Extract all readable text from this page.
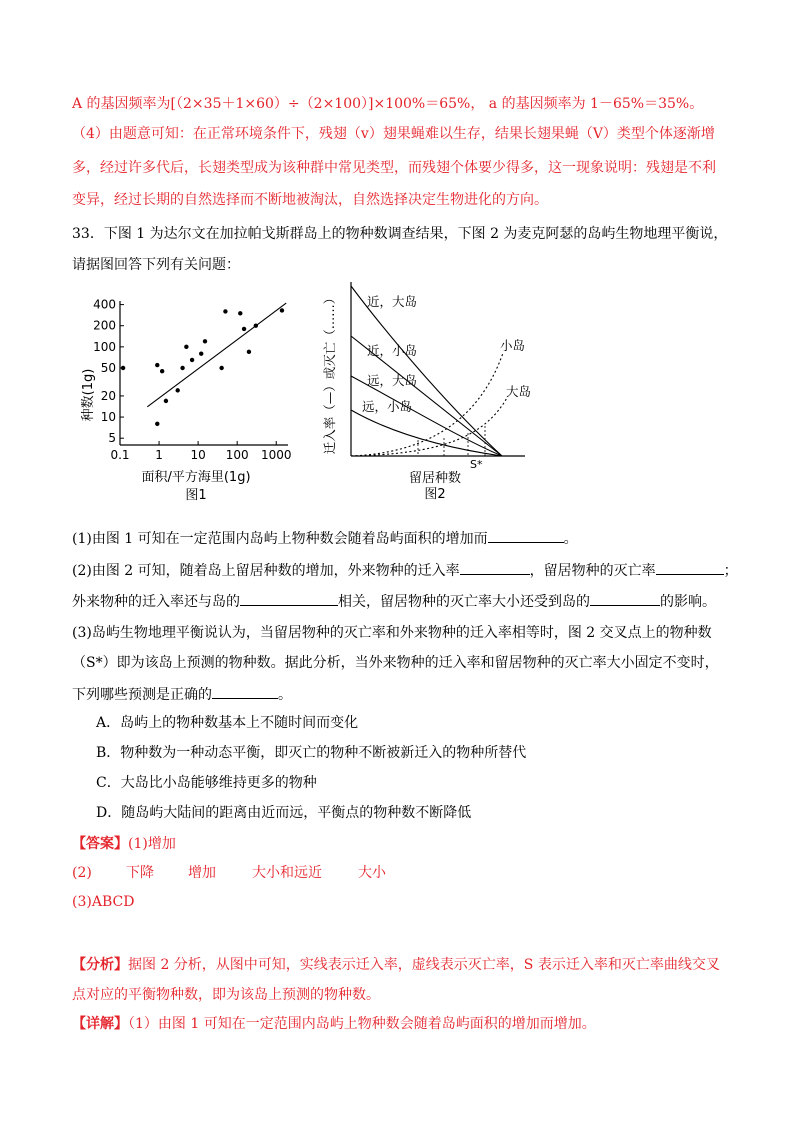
A 的基因频率为[（2×35＋1×60）÷（2×100）]×100%＝65%， a 的基因频率为 1－65%＝35%。
（4）由题意可知：在正常环境条件下，残翅（v）翅果蝇难以生存，结果长翅果蝇（V）类型个体逐渐增
多，经过许多代后，长翅类型成为该种群中常见类型，而残翅个体要少得多，这一现象说明：残翅是不利
变异，经过长期的自然选择而不断地被淘汰，自然选择决定生物进化的方向。
33．下图 1 为达尔文在加拉帕戈斯群岛上的物种数调查结果，下图 2 为麦克阿瑟的岛屿生物地理平衡说，
请据图回答下列有关问题：
400
200
100
50
20
10
5
0.1 1 10 100 1000
种数(1g)
面积/平方海里(1g)
图1
迁入率（—）或灭亡（……） 近，大岛
近，小岛
远，大岛
远，小岛
小岛
大岛
S*
留居种数
图2
(1)由图 1 可知在一定范围内岛屿上物种数会随着岛屿面积的增加而	。
(2)由图 2 可知，随着岛上留居种数的增加，外来物种的迁入率	，留居物种的灭亡率	；
外来物种的迁入率还与岛的	相关，留居物种的灭亡率大小还受到岛的	的影响。
(3)岛屿生物地理平衡说认为，当留居物种的灭亡率和外来物种的迁入率相等时，图 2 交叉点上的物种数
（S*）即为该岛上预测的物种数。据此分析，当外来物种的迁入率和留居物种的灭亡率大小固定不变时，
下列哪些预测是正确的	。
A．岛屿上的物种数基本上不随时间而变化
B．物种数为一种动态平衡，即灭亡的物种不断被新迁入的物种所替代
C．大岛比小岛能够维持更多的物种
D．随岛屿大陆间的距离由近而远，平衡点的物种数不断降低
【答案】(1)增加
(2) 下降 增加	大小和远近	大小
(3)ABCD
【分析】据图 2 分析，从图中可知，实线表示迁入率，虚线表示灭亡率，S 表示迁入率和灭亡率曲线交叉
点对应的平衡物种数，即为该岛上预测的物种数。
【详解】（1）由图 1 可知在一定范围内岛屿上物种数会随着岛屿面积的增加而增加。
